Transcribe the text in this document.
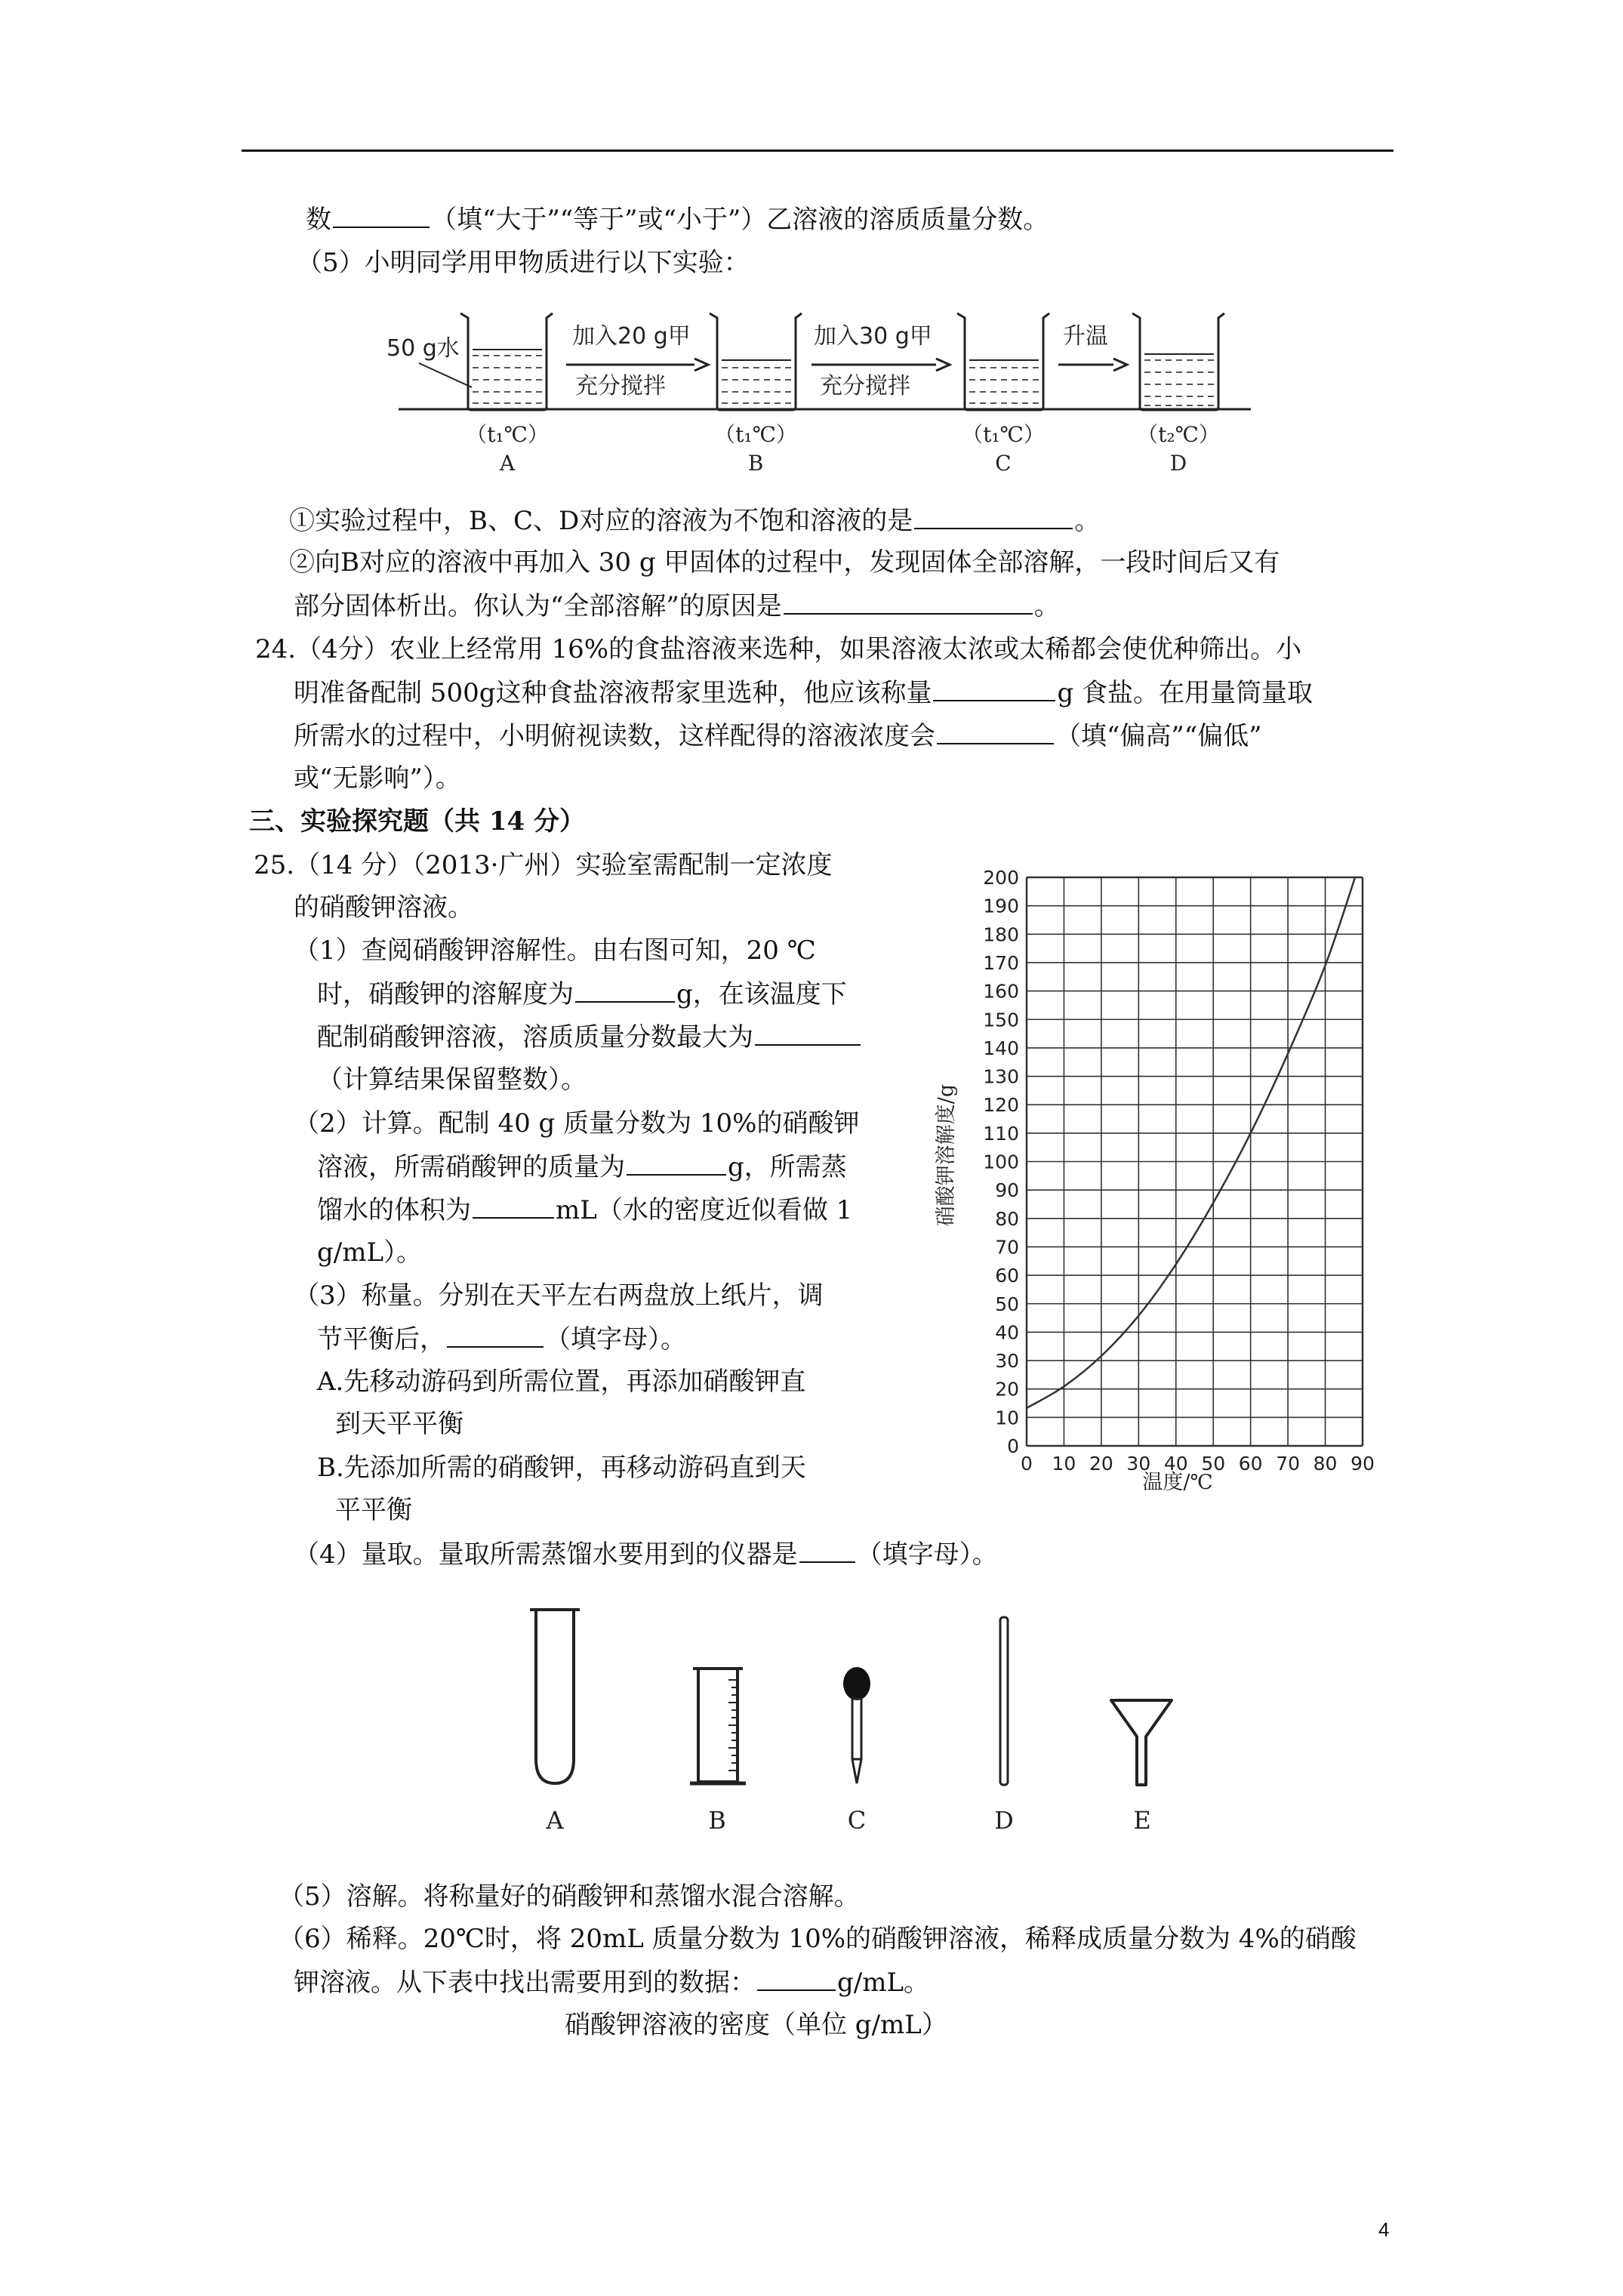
数	（填“大于”“等于”或“小于”）乙溶液的溶质质量分数。
（5）小明同学用甲物质进行以下实验：
50 g水	加入20 g甲
充分搅拌
加入30 g甲
充分搅拌
升温
（t₁℃）
A
（t₁℃）
B
（t₁℃）
C
（t₂℃）
D
①实验过程中，B、C、D对应的溶液为不饱和溶液的是	。
②向B对应的溶液中再加入 30 g 甲固体的过程中，发现固体全部溶解，一段时间后又有
部分固体析出。你认为“全部溶解”的原因是	。
24.（4分）农业上经常用 16%的食盐溶液来选种，如果溶液太浓或太稀都会使优种筛出。小
明准备配制 500g这种食盐溶液帮家里选种，他应该称量	g 食盐。在用量筒量取
所需水的过程中，小明俯视读数，这样配得的溶液浓度会	（填“偏高”“偏低”
或“无影响”）。
三、实验探究题（共 14 分）
25.（14 分）（2013·广州）实验室需配制一定浓度
的硝酸钾溶液。
（1）查阅硝酸钾溶解性。由右图可知，20 ℃
时，硝酸钾的溶解度为	g，在该温度下
配制硝酸钾溶液，溶质质量分数最大为
（计算结果保留整数）。
（2）计算。配制 40 g 质量分数为 10%的硝酸钾
溶液，所需硝酸钾的质量为	g，所需蒸
馏水的体积为	mL（水的密度近似看做 1
g/mL）。
（3）称量。分别在天平左右两盘放上纸片，调
节平衡后，	（填字母）。
A.先移动游码到所需位置，再添加硝酸钾直
到天平平衡
B.先添加所需的硝酸钾，再移动游码直到天
平平衡
0
10
20
30
40
50
60
70
80
90
100
110
120
130
140
150
160
170
180
190
200
0 10 20 30 40 50 60 70 80 90
硝酸钾溶解度/g
温度/℃
（4）量取。量取所需蒸馏水要用到的仪器是 （填字母）。
A	B	C	D	E
（5）溶解。将称量好的硝酸钾和蒸馏水混合溶解。
（6）稀释。20℃时，将 20mL 质量分数为 10%的硝酸钾溶液，稀释成质量分数为 4%的硝酸
钾溶液。从下表中找出需要用到的数据：	g/mL。
硝酸钾溶液的密度（单位 g/mL）
4
